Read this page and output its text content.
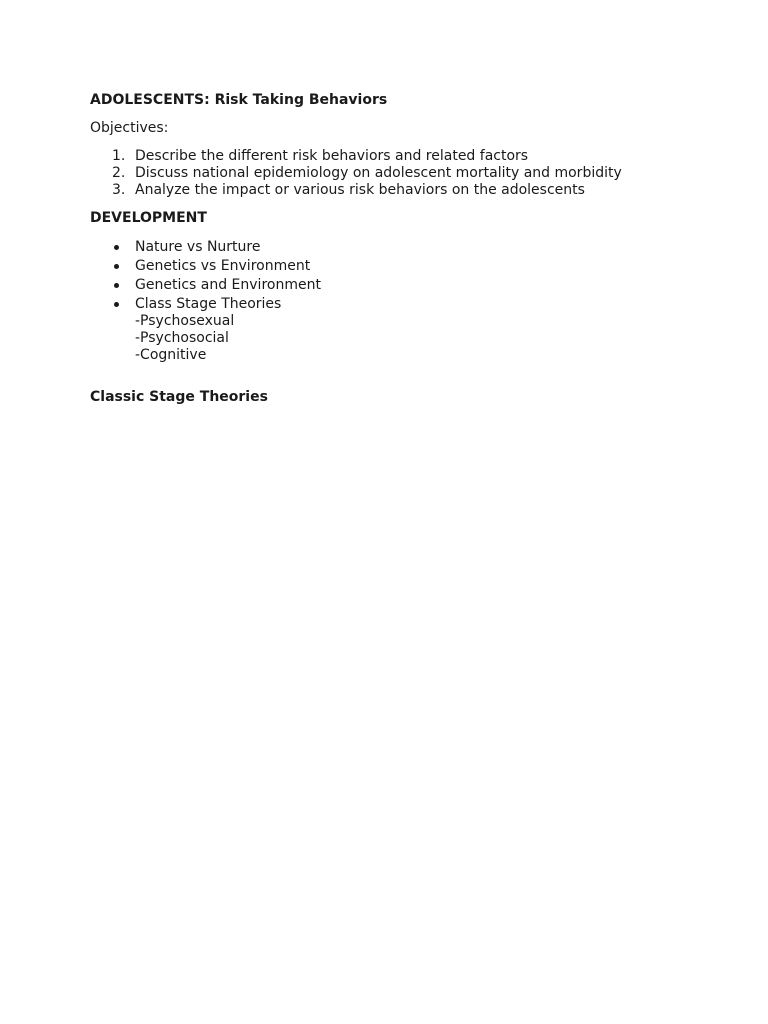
ADOLESCENTS: Risk Taking Behaviors

Objectives:

1. Describe the different risk behaviors and related factors
2. Discuss national epidemiology on adolescent mortality and morbidity
3. Analyze the impact or various risk behaviors on the adolescents

DEVELOPMENT

Nature vs Nurture
Genetics vs Environment
Genetics and Environment
Class Stage Theories
-Psychosexual
-Psychosocial
-Cognitive

Classic Stage Theories
